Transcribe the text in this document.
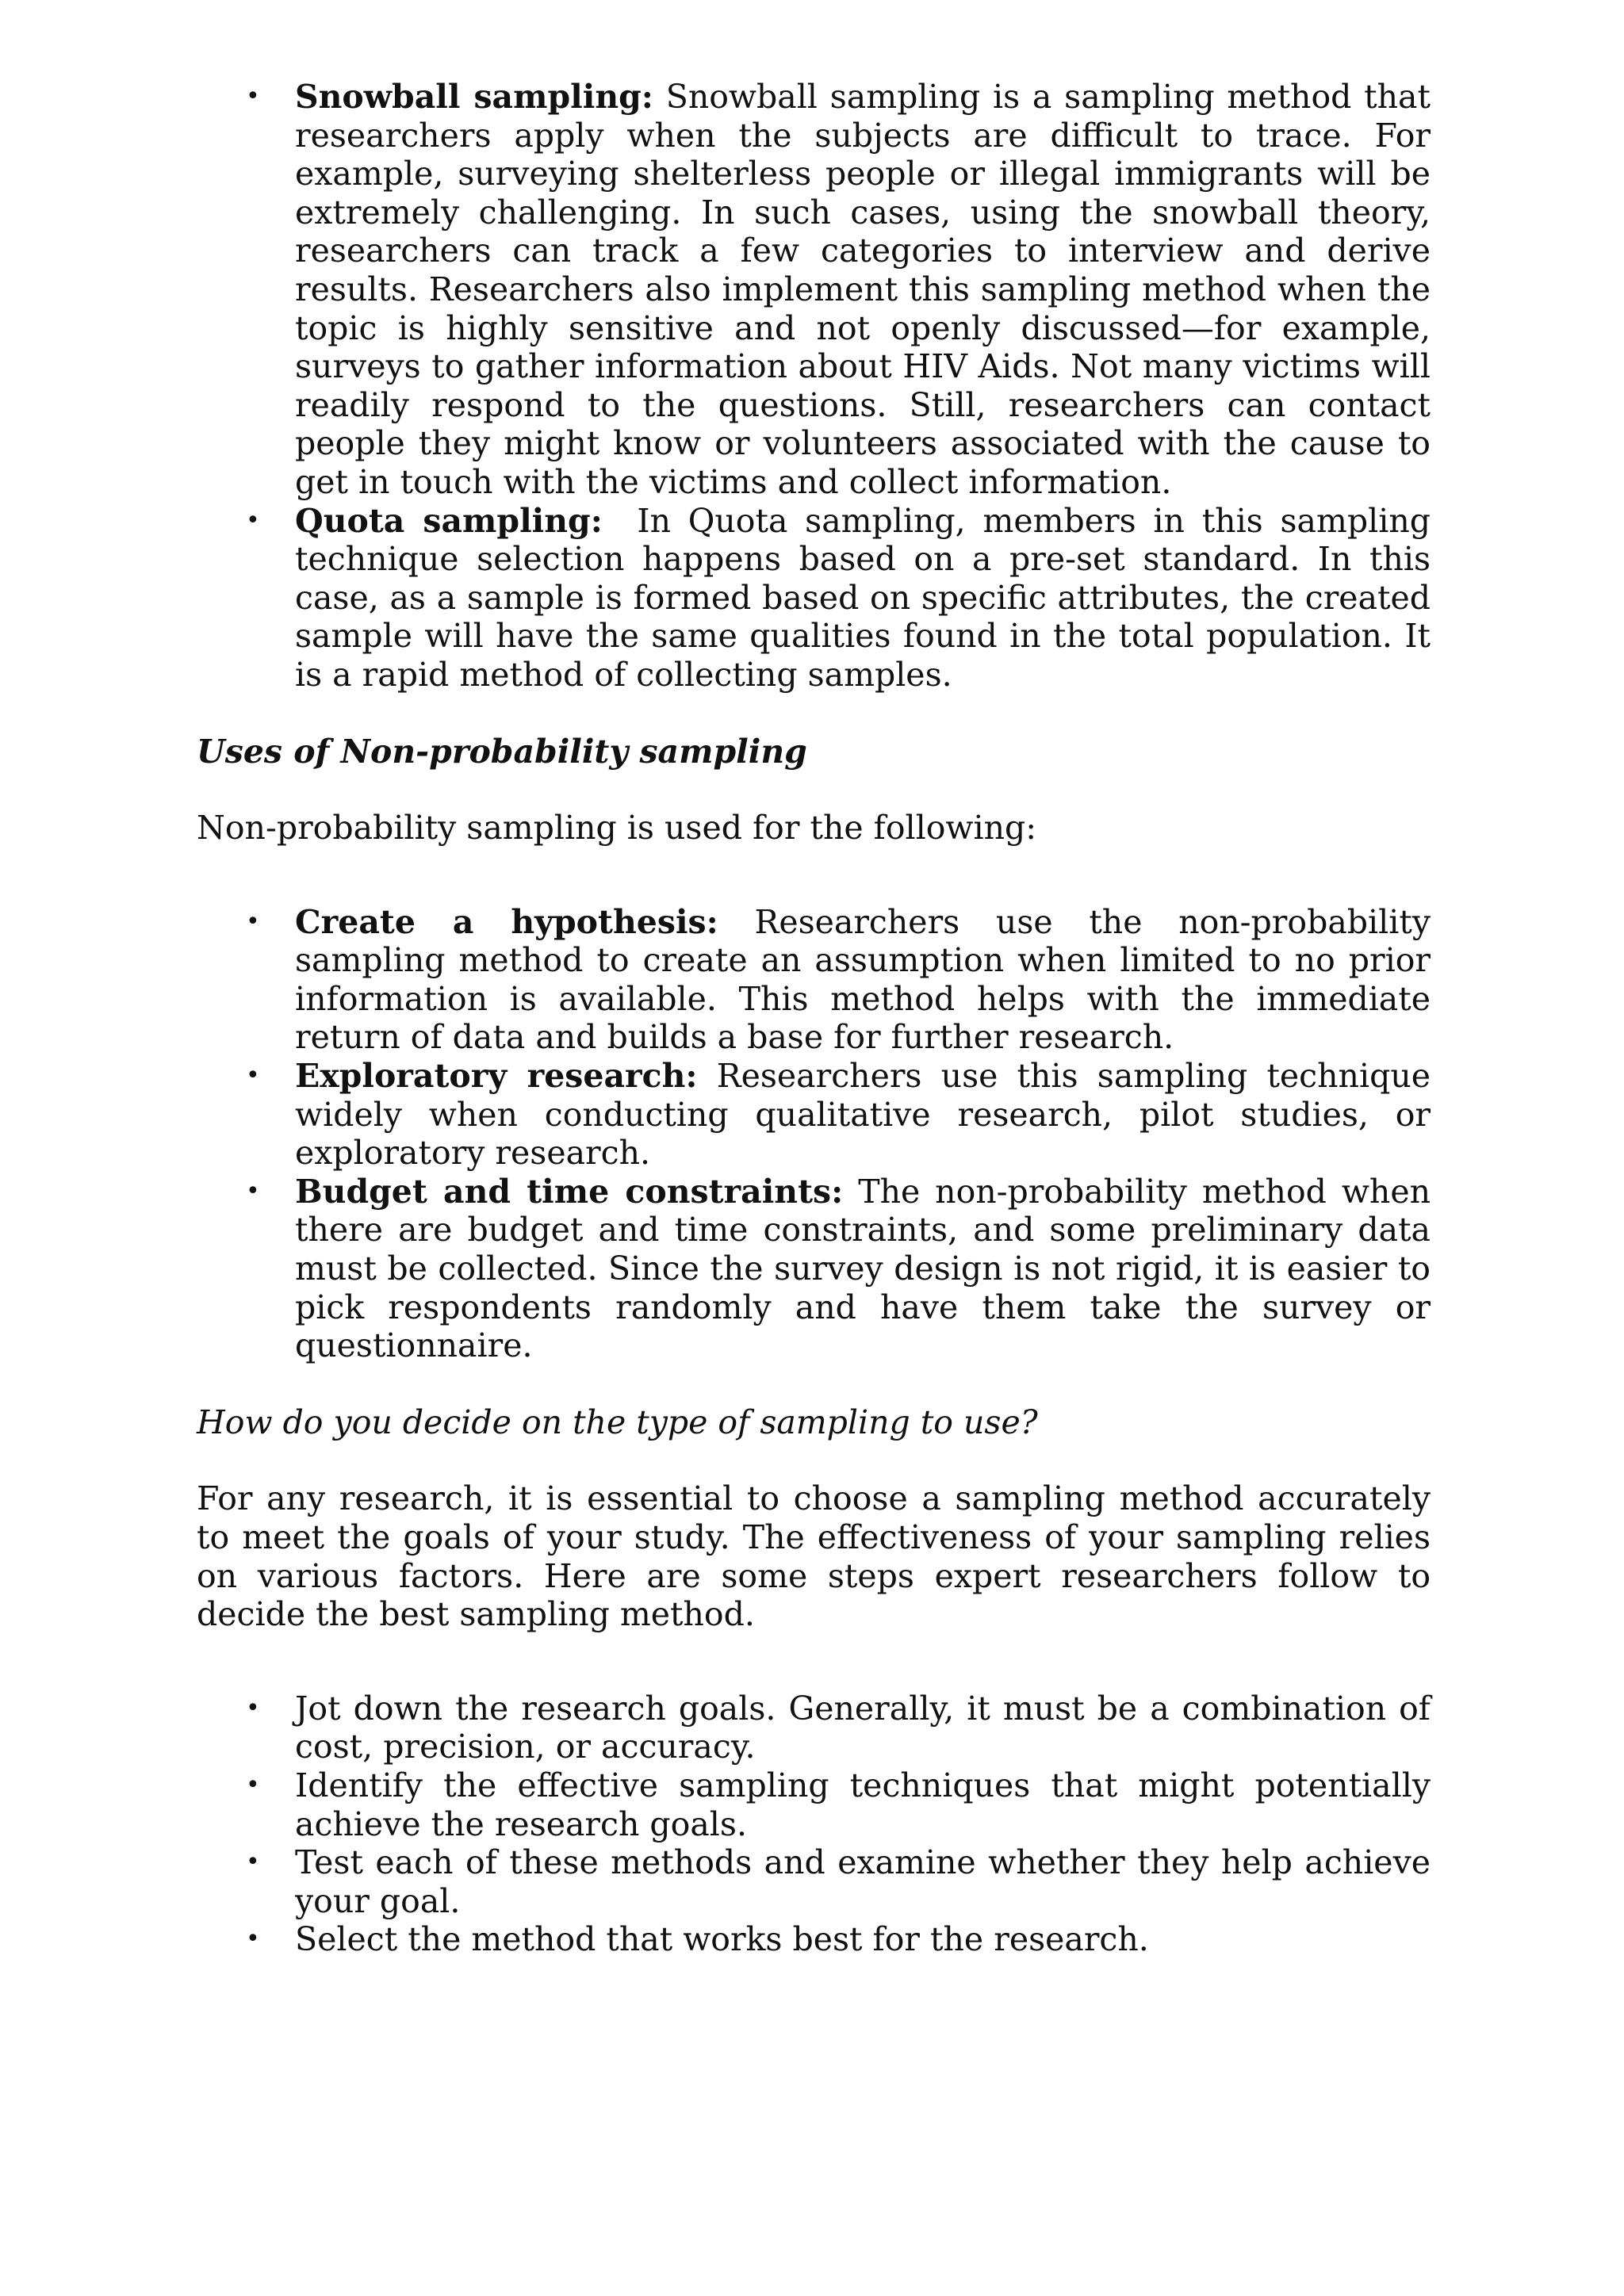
• Snowball sampling: Snowball sampling is a sampling method that researchers apply when the subjects are difficult to trace. For example, surveying shelterless people or illegal immigrants will be extremely challenging. In such cases, using the snowball theory, researchers can track a few categories to interview and derive results. Researchers also implement this sampling method when the topic is highly sensitive and not openly discussed—for example, surveys to gather information about HIV Aids. Not many victims will readily respond to the questions. Still, researchers can contact people they might know or volunteers associated with the cause to get in touch with the victims and collect information.
• Quota sampling: In Quota sampling, members in this sampling technique selection happens based on a pre-set standard. In this case, as a sample is formed based on specific attributes, the created sample will have the same qualities found in the total population. It is a rapid method of collecting samples.

Uses of Non-probability sampling

Non-probability sampling is used for the following:

• Create a hypothesis: Researchers use the non-probability sampling method to create an assumption when limited to no prior information is available. This method helps with the immediate return of data and builds a base for further research.
• Exploratory research: Researchers use this sampling technique widely when conducting qualitative research, pilot studies, or exploratory research.
• Budget and time constraints: The non-probability method when there are budget and time constraints, and some preliminary data must be collected. Since the survey design is not rigid, it is easier to pick respondents randomly and have them take the survey or questionnaire.

How do you decide on the type of sampling to use?

For any research, it is essential to choose a sampling method accurately to meet the goals of your study. The effectiveness of your sampling relies on various factors. Here are some steps expert researchers follow to decide the best sampling method.

• Jot down the research goals. Generally, it must be a combination of cost, precision, or accuracy.
• Identify the effective sampling techniques that might potentially achieve the research goals.
• Test each of these methods and examine whether they help achieve your goal.
• Select the method that works best for the research.
